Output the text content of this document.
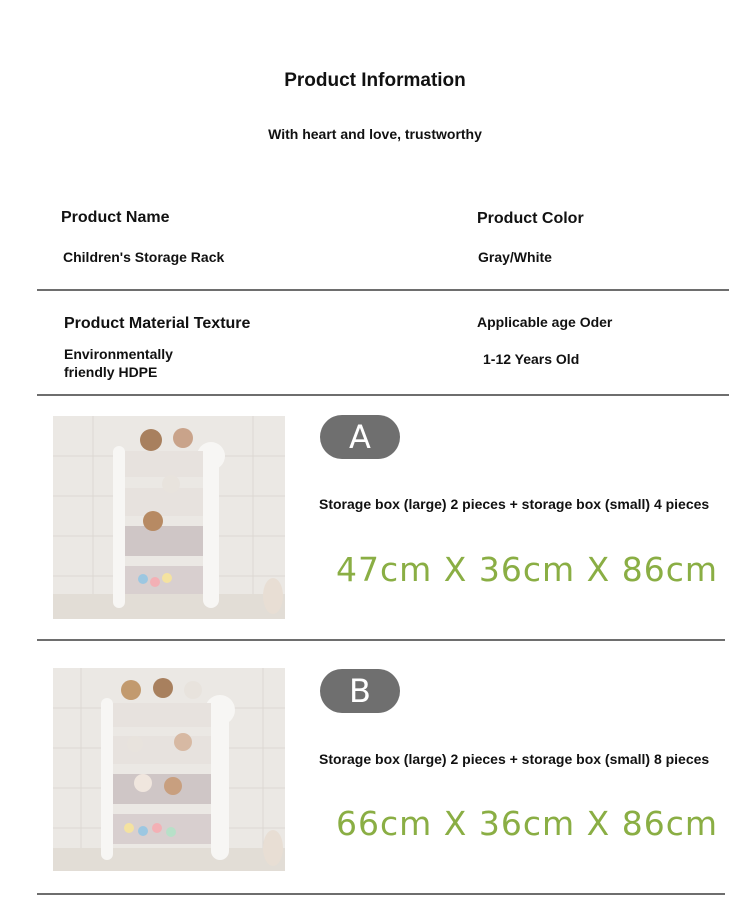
Product Information
With heart and love, trustworthy
Product Name
Children's Storage Rack
Product Color
Gray/White
Product Material Texture
Environmentally
friendly HDPE
Applicable age Oder
1-12 Years Old
A
Storage box (large) 2 pieces + storage box (small) 4 pieces
47cm X 36cm X 86cm
B
Storage box (large) 2 pieces + storage box (small) 8 pieces
66cm X 36cm X 86cm
